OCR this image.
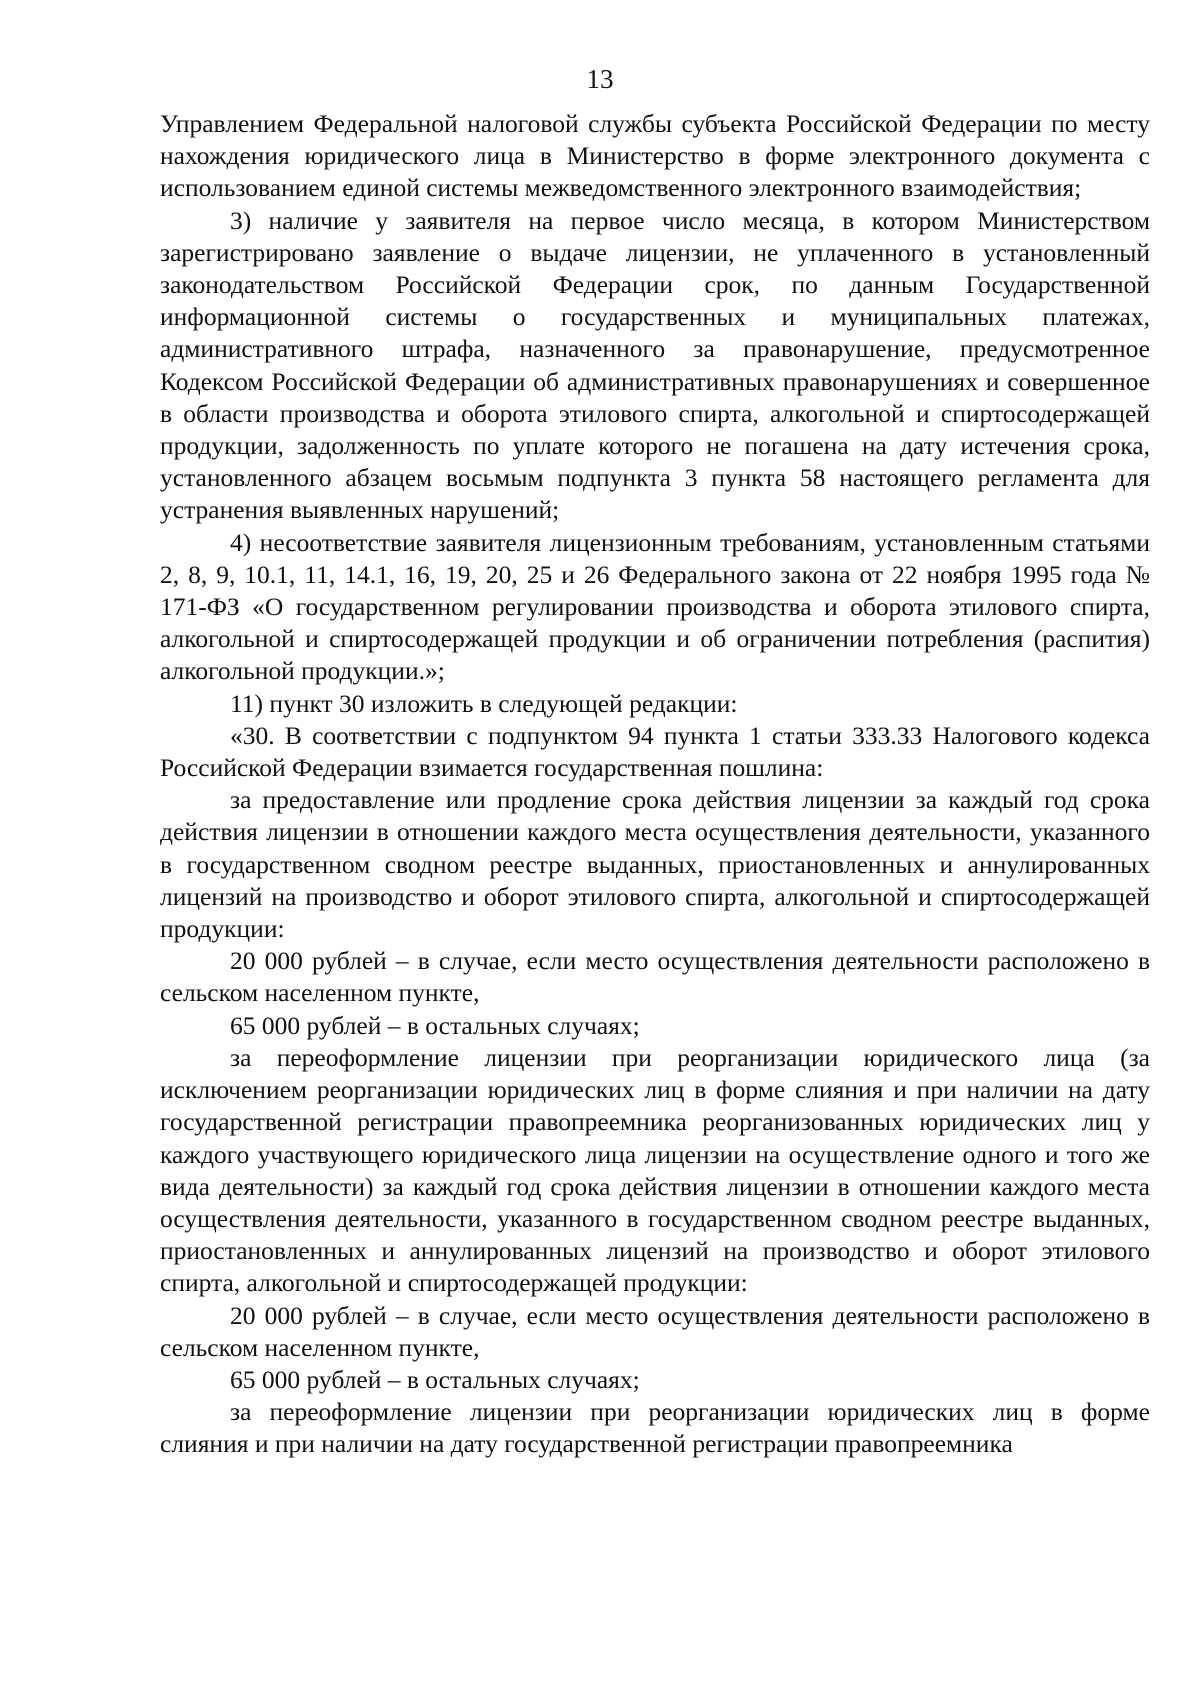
13

Управлением Федеральной налоговой службы субъекта Российской Федерации по месту нахождения юридического лица в Министерство в форме электронного документа с использованием единой системы межведомственного электронного взаимодействия;

3) наличие у заявителя на первое число месяца, в котором Министерством зарегистрировано заявление о выдаче лицензии, не уплаченного в установленный законодательством Российской Федерации срок, по данным Государственной информационной системы о государственных и муниципальных платежах, административного штрафа, назначенного за правонарушение, предусмотренное Кодексом Российской Федерации об административных правонарушениях и совершенное в области производства и оборота этилового спирта, алкогольной и спиртосодержащей продукции, задолженность по уплате которого не погашена на дату истечения срока, установленного абзацем восьмым подпункта 3 пункта 58 настоящего регламента для устранения выявленных нарушений;

4) несоответствие заявителя лицензионным требованиям, установленным статьями 2, 8, 9, 10.1, 11, 14.1, 16, 19, 20, 25 и 26 Федерального закона от 22 ноября 1995 года № 171-ФЗ «О государственном регулировании производства и оборота этилового спирта, алкогольной и спиртосодержащей продукции и об ограничении потребления (распития) алкогольной продукции.»;

11) пункт 30 изложить в следующей редакции:

«30. В соответствии с подпунктом 94 пункта 1 статьи 333.33 Налогового кодекса Российской Федерации взимается государственная пошлина:

за предоставление или продление срока действия лицензии за каждый год срока действия лицензии в отношении каждого места осуществления деятельности, указанного в государственном сводном реестре выданных, приостановленных и аннулированных лицензий на производство и оборот этилового спирта, алкогольной и спиртосодержащей продукции:

20 000 рублей – в случае, если место осуществления деятельности расположено в сельском населенном пункте,

65 000 рублей – в остальных случаях;

за переоформление лицензии при реорганизации юридического лица (за исключением реорганизации юридических лиц в форме слияния и при наличии на дату государственной регистрации правопреемника реорганизованных юридических лиц у каждого участвующего юридического лица лицензии на осуществление одного и того же вида деятельности) за каждый год срока действия лицензии в отношении каждого места осуществления деятельности, указанного в государственном сводном реестре выданных, приостановленных и аннулированных лицензий на производство и оборот этилового спирта, алкогольной и спиртосодержащей продукции:

20 000 рублей – в случае, если место осуществления деятельности расположено в сельском населенном пункте,

65 000 рублей – в остальных случаях;

за переоформление лицензии при реорганизации юридических лиц в форме слияния и при наличии на дату государственной регистрации правопреемника
